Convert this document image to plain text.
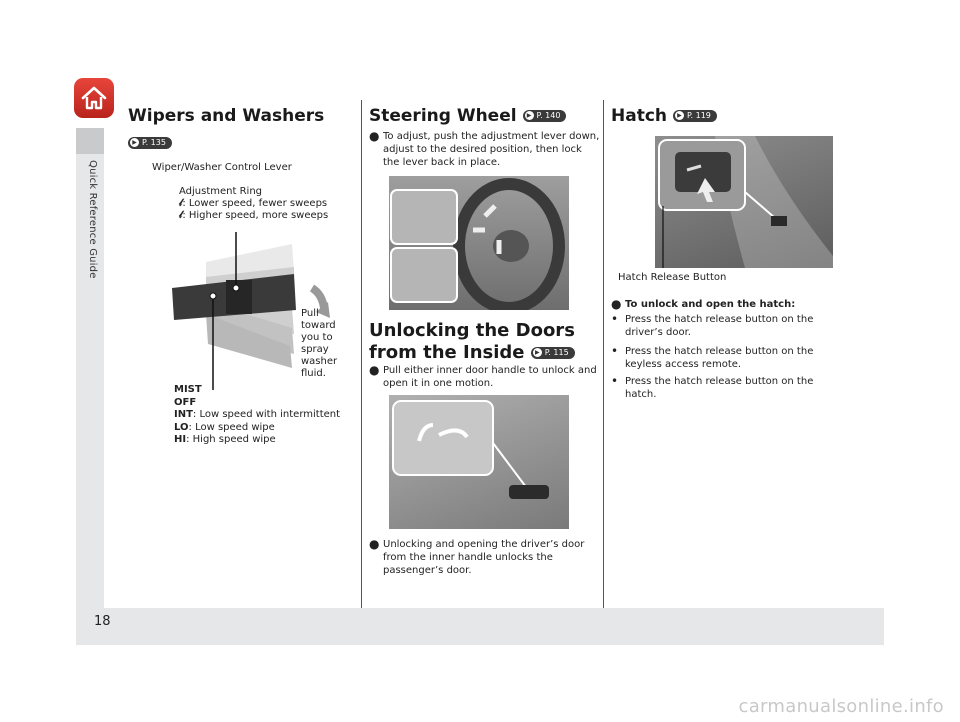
Quick Reference Guide
Wipers and Washers
▶ P. 135
Wiper/Washer Control Lever
Adjustment Ring
𝓁: Lower speed, fewer sweeps
𝓁: Higher speed, more sweeps
Pull
toward
you to
spray
washer
fluid.
MIST
OFF
INT: Low speed with intermittent
LO: Low speed wipe
HI: High speed wipe
Steering Wheel ▶ P. 140
● To adjust, push the adjustment lever down, adjust to the desired position, then lock the lever back in place.
Unlocking the Doors
from the Inside ▶ P. 115
● Pull either inner door handle to unlock and open it in one motion.
● Unlocking and opening the driver’s door from the inner handle unlocks the passenger’s door.
Hatch ▶ P. 119
Hatch Release Button
● To unlock and open the hatch:
• Press the hatch release button on the driver’s door.
• Press the hatch release button on the keyless access remote.
• Press the hatch release button on the hatch.
18
carmanualsonline.info
